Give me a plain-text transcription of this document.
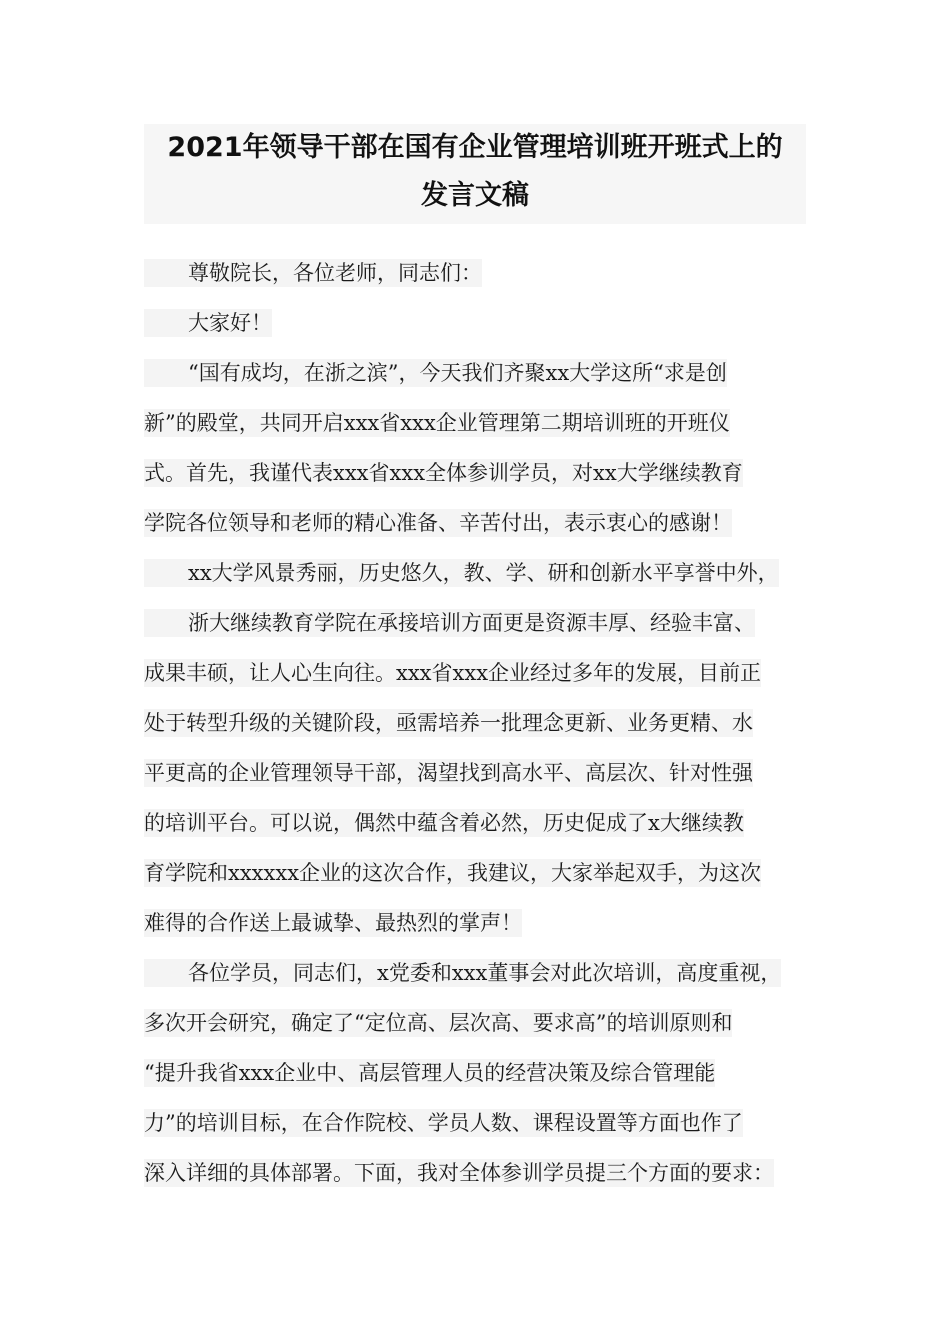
2021年领导干部在国有企业管理培训班开班式上的
发言文稿
尊敬院长，各位老师，同志们：
大家好！
“国有成均，在浙之滨”，今天我们齐聚xx大学这所“求是创
新”的殿堂，共同开启xxx省xxx企业管理第二期培训班的开班仪
式。首先，我谨代表xxx省xxx全体参训学员，对xx大学继续教育
学院各位领导和老师的精心准备、辛苦付出，表示衷心的感谢！
xx大学风景秀丽，历史悠久，教、学、研和创新水平享誉中外，
浙大继续教育学院在承接培训方面更是资源丰厚、经验丰富、
成果丰硕，让人心生向往。xxx省xxx企业经过多年的发展，目前正
处于转型升级的关键阶段，亟需培养一批理念更新、业务更精、水
平更高的企业管理领导干部，渴望找到高水平、高层次、针对性强
的培训平台。可以说，偶然中蕴含着必然，历史促成了x大继续教
育学院和xxxxxx企业的这次合作，我建议，大家举起双手，为这次
难得的合作送上最诚挚、最热烈的掌声！
各位学员，同志们，x党委和xxx董事会对此次培训，高度重视，
多次开会研究，确定了“定位高、层次高、要求高”的培训原则和
“提升我省xxx企业中、高层管理人员的经营决策及综合管理能
力”的培训目标，在合作院校、学员人数、课程设置等方面也作了
深入详细的具体部署。下面，我对全体参训学员提三个方面的要求：
